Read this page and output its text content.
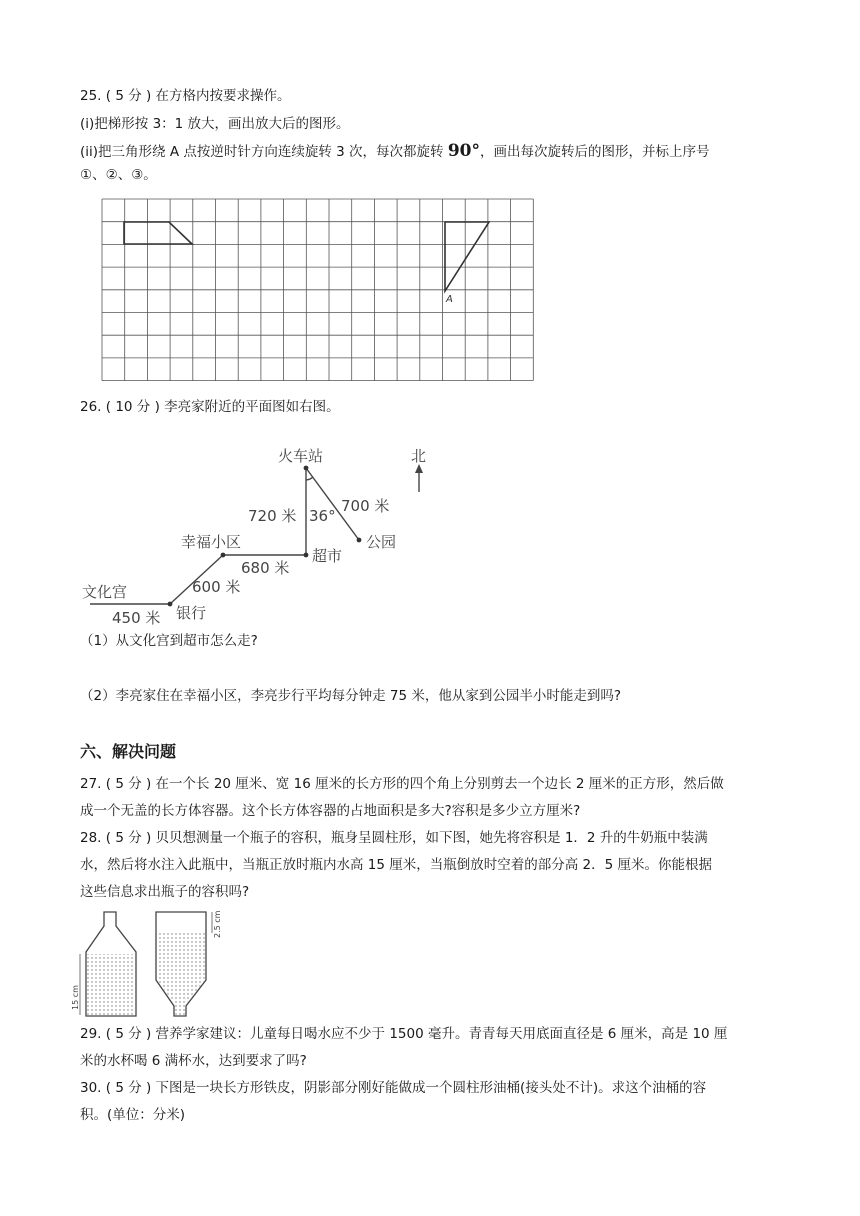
25. ( 5 分 ) 在方格内按要求操作。
(i)把梯形按 3：1 放大，画出放大后的图形。
(ii)把三角形绕 A 点按逆时针方向连续旋转 3 次，每次都旋转 90°，画出每次旋转后的图形，并标上序号
①、②、③。
A
26. ( 10 分 ) 李亮家附近的平面图如右图。
火车站	北
720 米 36°
700 米
公园
幸福小区
超市
680 米
600 米
文化宫
银行
450 米
（1）从文化宫到超市怎么走?
（2）李亮家住在幸福小区，李亮步行平均每分钟走 75 米，他从家到公园半小时能走到吗?
六、解决问题
27. ( 5 分 ) 在一个长 20 厘米、宽 16 厘米的长方形的四个角上分别剪去一个边长 2 厘米的正方形，然后做
成一个无盖的长方体容器。这个长方体容器的占地面积是多大?容积是多少立方厘米?
28. ( 5 分 ) 贝贝想测量一个瓶子的容积，瓶身呈圆柱形，如下图，她先将容积是 1．2 升的牛奶瓶中装满
水，然后将水注入此瓶中，当瓶正放时瓶内水高 15 厘米，当瓶倒放时空着的部分高 2．5 厘米。你能根据
这些信息求出瓶子的容积吗?
15 cm
2.5 cm
29. ( 5 分 ) 营养学家建议：儿童每日喝水应不少于 1500 毫升。青青每天用底面直径是 6 厘米，高是 10 厘
米的水杯喝 6 满杯水，达到要求了吗?
30. ( 5 分 ) 下图是一块长方形铁皮，阴影部分刚好能做成一个圆柱形油桶(接头处不计)。求这个油桶的容
积。(单位：分米)
